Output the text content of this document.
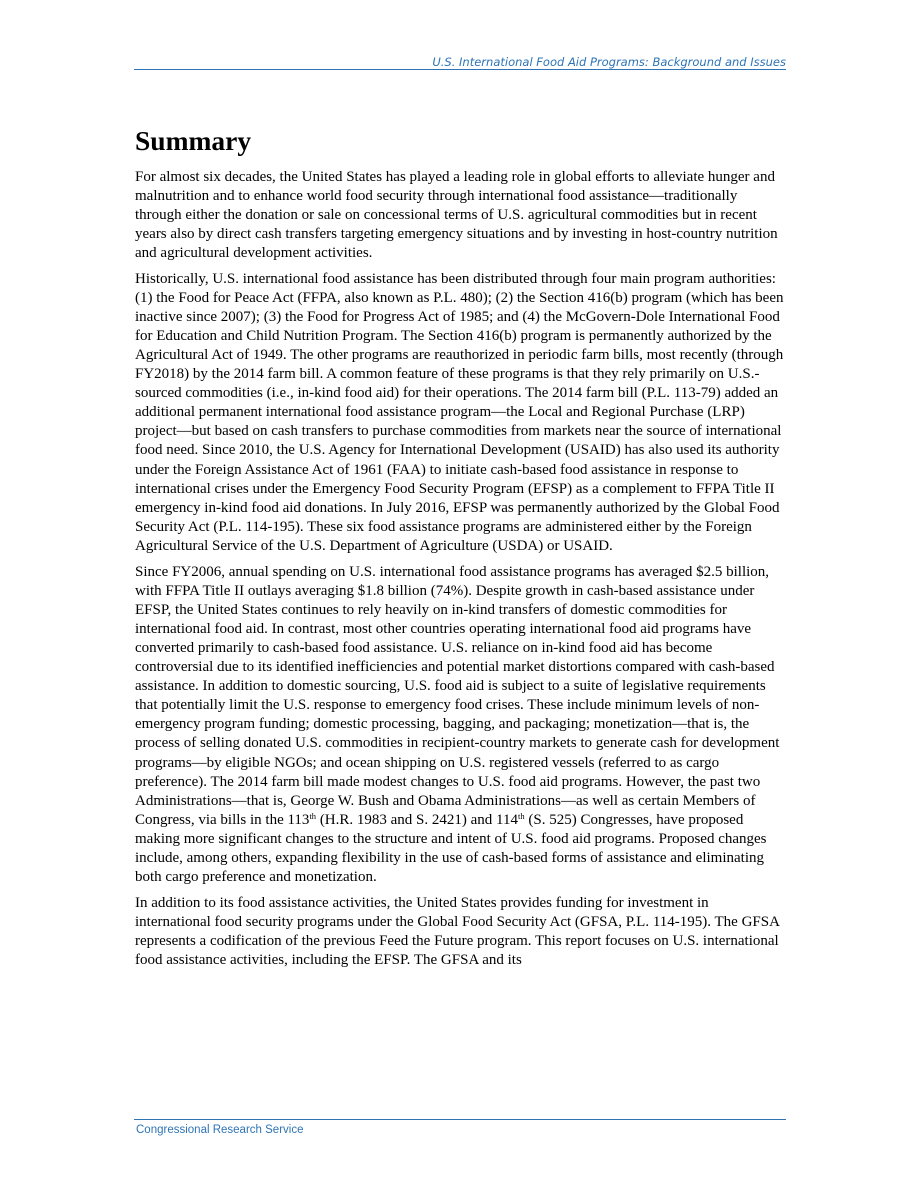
U.S. International Food Aid Programs: Background and Issues
Summary

For almost six decades, the United States has played a leading role in global efforts to alleviate hunger and malnutrition and to enhance world food security through international food assistance—traditionally through either the donation or sale on concessional terms of U.S. agricultural commodities but in recent years also by direct cash transfers targeting emergency situations and by investing in host-country nutrition and agricultural development activities.

Historically, U.S. international food assistance has been distributed through four main program authorities: (1) the Food for Peace Act (FFPA, also known as P.L. 480); (2) the Section 416(b) program (which has been inactive since 2007); (3) the Food for Progress Act of 1985; and (4) the McGovern-Dole International Food for Education and Child Nutrition Program. The Section 416(b) program is permanently authorized by the Agricultural Act of 1949. The other programs are reauthorized in periodic farm bills, most recently (through FY2018) by the 2014 farm bill. A common feature of these programs is that they rely primarily on U.S.-sourced commodities (i.e., in-kind food aid) for their operations. The 2014 farm bill (P.L. 113-79) added an additional permanent international food assistance program—the Local and Regional Purchase (LRP) project—but based on cash transfers to purchase commodities from markets near the source of international food need. Since 2010, the U.S. Agency for International Development (USAID) has also used its authority under the Foreign Assistance Act of 1961 (FAA) to initiate cash-based food assistance in response to international crises under the Emergency Food Security Program (EFSP) as a complement to FFPA Title II emergency in-kind food aid donations. In July 2016, EFSP was permanently authorized by the Global Food Security Act (P.L. 114-195). These six food assistance programs are administered either by the Foreign Agricultural Service of the U.S. Department of Agriculture (USDA) or USAID.

Since FY2006, annual spending on U.S. international food assistance programs has averaged $2.5 billion, with FFPA Title II outlays averaging $1.8 billion (74%). Despite growth in cash-based assistance under EFSP, the United States continues to rely heavily on in-kind transfers of domestic commodities for international food aid. In contrast, most other countries operating international food aid programs have converted primarily to cash-based food assistance. U.S. reliance on in-kind food aid has become controversial due to its identified inefficiencies and potential market distortions compared with cash-based assistance. In addition to domestic sourcing, U.S. food aid is subject to a suite of legislative requirements that potentially limit the U.S. response to emergency food crises. These include minimum levels of non-emergency program funding; domestic processing, bagging, and packaging; monetization—that is, the process of selling donated U.S. commodities in recipient-country markets to generate cash for development programs—by eligible NGOs; and ocean shipping on U.S. registered vessels (referred to as cargo preference). The 2014 farm bill made modest changes to U.S. food aid programs. However, the past two Administrations—that is, George W. Bush and Obama Administrations—as well as certain Members of Congress, via bills in the 113th (H.R. 1983 and S. 2421) and 114th (S. 525) Congresses, have proposed making more significant changes to the structure and intent of U.S. food aid programs. Proposed changes include, among others, expanding flexibility in the use of cash-based forms of assistance and eliminating both cargo preference and monetization.

In addition to its food assistance activities, the United States provides funding for investment in international food security programs under the Global Food Security Act (GFSA, P.L. 114-195). The GFSA represents a codification of the previous Feed the Future program. This report focuses on U.S. international food assistance activities, including the EFSP. The GFSA and its

Congressional Research Service
